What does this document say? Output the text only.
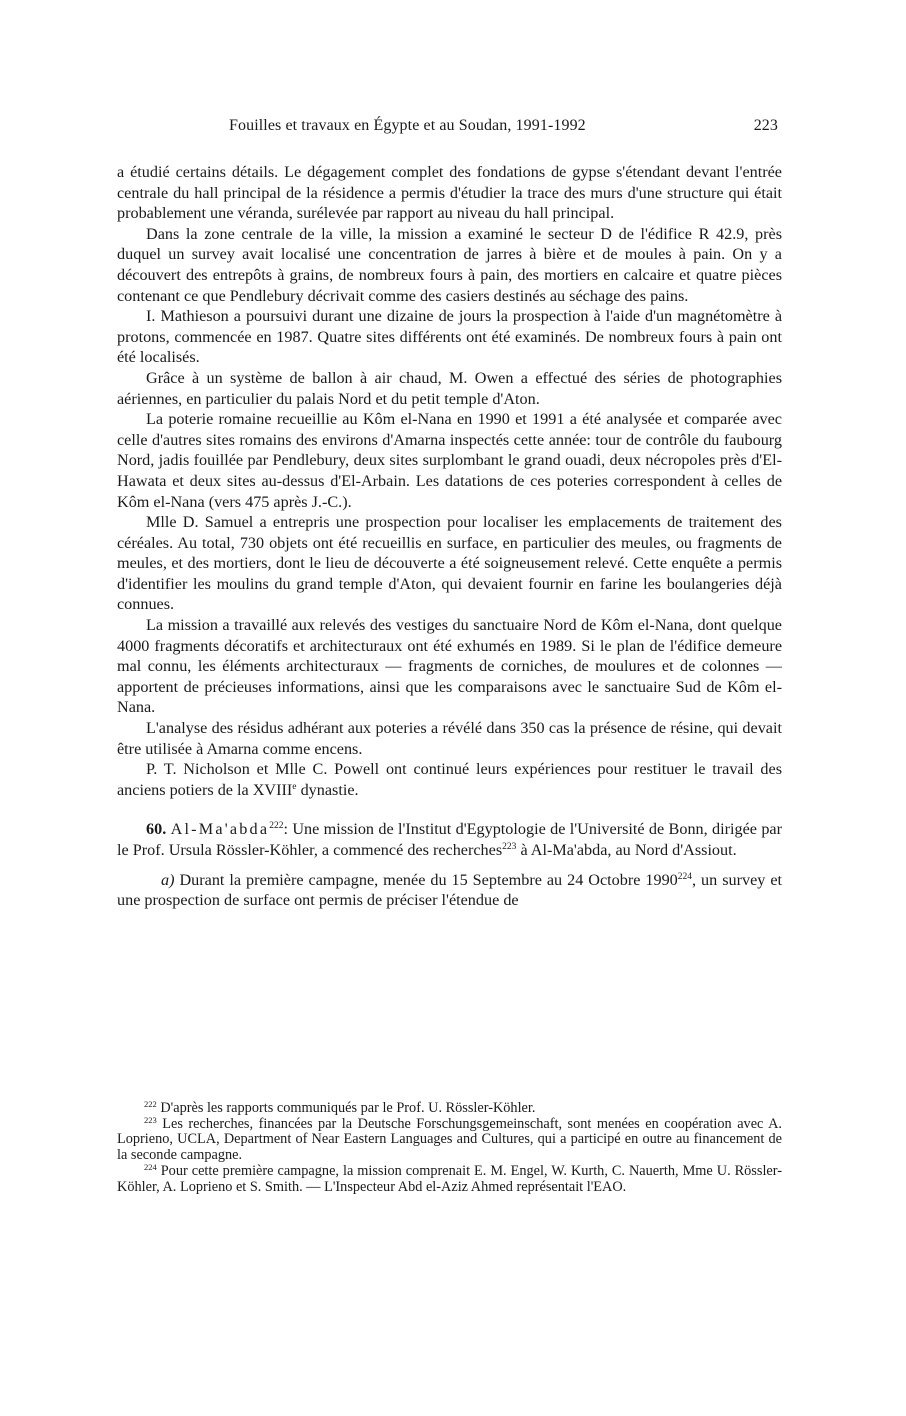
Fouilles et travaux en Égypte et au Soudan, 1991-1992	223

a étudié certains détails. Le dégagement complet des fondations de gypse s'étendant devant l'entrée centrale du hall principal de la résidence a permis d'étudier la trace des murs d'une structure qui était probablement une véranda, surélevée par rapport au niveau du hall principal.

Dans la zone centrale de la ville, la mission a examiné le secteur D de l'édifice R 42.9, près duquel un survey avait localisé une concentration de jarres à bière et de moules à pain. On y a découvert des entrepôts à grains, de nombreux fours à pain, des mortiers en calcaire et quatre pièces contenant ce que Pendlebury décrivait comme des casiers destinés au séchage des pains.

I. Mathieson a poursuivi durant une dizaine de jours la prospection à l'aide d'un magnétomètre à protons, commencée en 1987. Quatre sites différents ont été examinés. De nombreux fours à pain ont été localisés.

Grâce à un système de ballon à air chaud, M. Owen a effectué des séries de photographies aériennes, en particulier du palais Nord et du petit temple d'Aton.

La poterie romaine recueillie au Kôm el-Nana en 1990 et 1991 a été analysée et comparée avec celle d'autres sites romains des environs d'Amarna inspectés cette année: tour de contrôle du faubourg Nord, jadis fouillée par Pendlebury, deux sites surplombant le grand ouadi, deux nécropoles près d'El-Hawata et deux sites au-dessus d'El-Arbain. Les datations de ces poteries correspondent à celles de Kôm el-Nana (vers 475 après J.-C.).

Mlle D. Samuel a entrepris une prospection pour localiser les emplacements de traitement des céréales. Au total, 730 objets ont été recueillis en surface, en particulier des meules, ou fragments de meules, et des mortiers, dont le lieu de découverte a été soigneusement relevé. Cette enquête a permis d'identifier les moulins du grand temple d'Aton, qui devaient fournir en farine les boulangeries déjà connues.

La mission a travaillé aux relevés des vestiges du sanctuaire Nord de Kôm el-Nana, dont quelque 4000 fragments décoratifs et architecturaux ont été exhumés en 1989. Si le plan de l'édifice demeure mal connu, les éléments architecturaux — fragments de corniches, de moulures et de colonnes — apportent de précieuses informations, ainsi que les comparaisons avec le sanctuaire Sud de Kôm el-Nana.

L'analyse des résidus adhérant aux poteries a révélé dans 350 cas la présence de résine, qui devait être utilisée à Amarna comme encens.

P. T. Nicholson et Mlle C. Powell ont continué leurs expériences pour restituer le travail des anciens potiers de la XVIIIe dynastie.

60. Al-Ma'abda$^{222}$: Une mission de l'Institut d'Egyptologie de l'Université de Bonn, dirigée par le Prof. Ursula Rössler-Köhler, a commencé des recherches$^{223}$ à Al-Ma'abda, au Nord d'Assiout.

a) Durant la première campagne, menée du 15 Septembre au 24 Octobre 1990$^{224}$, un survey et une prospection de surface ont permis de préciser l'étendue de

$^{222}$ D'après les rapports communiqués par le Prof. U. Rössler-Köhler.

$^{223}$ Les recherches, financées par la Deutsche Forschungsgemeinschaft, sont menées en coopération avec A. Loprieno, UCLA, Department of Near Eastern Languages and Cultures, qui a participé en outre au financement de la seconde campagne.

$^{224}$ Pour cette première campagne, la mission comprenait E. M. Engel, W. Kurth, C. Nauerth, Mme U. Rössler-Köhler, A. Loprieno et S. Smith. — L'Inspecteur Abd el-Aziz Ahmed représentait l'EAO.
